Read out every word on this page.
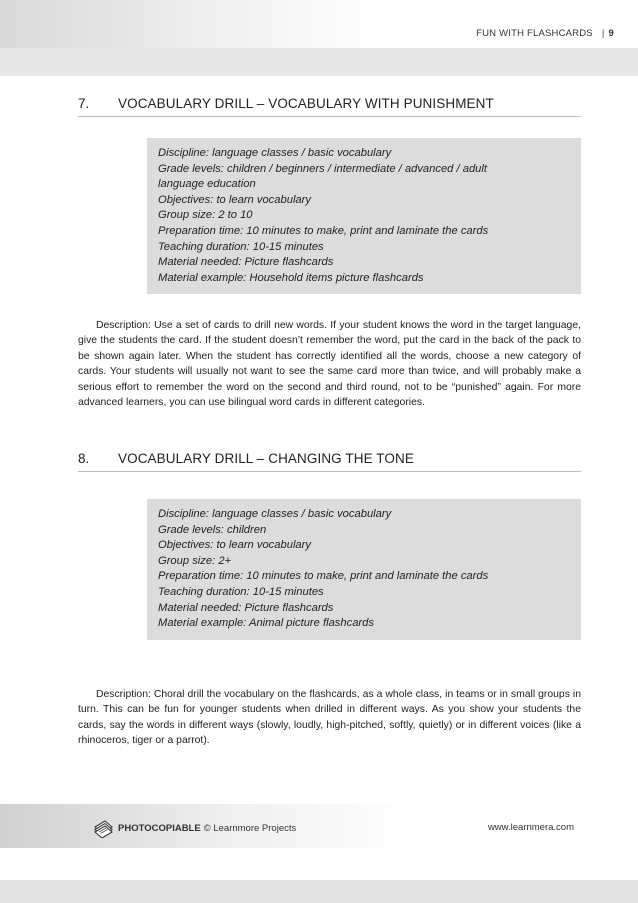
FUN WITH FLASHCARDS | 9
7.	VOCABULARY DRILL – VOCABULARY WITH PUNISHMENT
Discipline: language classes / basic vocabulary
Grade levels: children / beginners / intermediate / advanced / adult
language education
Objectives: to learn vocabulary
Group size: 2 to 10
Preparation time: 10 minutes to make, print and laminate the cards
Teaching duration: 10-15 minutes
Material needed: Picture flashcards
Material example: Household items picture flashcards

Description: Use a set of cards to drill new words. If your student knows the word in the target language, give the students the card. If the student doesn’t remember the word, put the card in the back of the pack to be shown again later. When the student has correctly identified all the words, choose a new category of cards. Your students will usually not want to see the same card more than twice, and will probably make a serious effort to remember the word on the second and third round, not to be “punished” again. For more advanced learners, you can use bilingual word cards in different categories.

8.	VOCABULARY DRILL – CHANGING THE TONE
Discipline: language classes / basic vocabulary
Grade levels: children
Objectives: to learn vocabulary
Group size: 2+
Preparation time: 10 minutes to make, print and laminate the cards
Teaching duration: 10-15 minutes
Material needed: Picture flashcards
Material example: Animal picture flashcards

Description: Choral drill the vocabulary on the flashcards, as a whole class, in teams or in small groups in turn. This can be fun for younger students when drilled in different ways. As you show your students the cards, say the words in different ways (slowly, loudly, high-pitched, softly, quietly) or in different voices (like a rhinoceros, tiger or a parrot).

PHOTOCOPIABLE © Learnmore Projects	www.learnmera.com
